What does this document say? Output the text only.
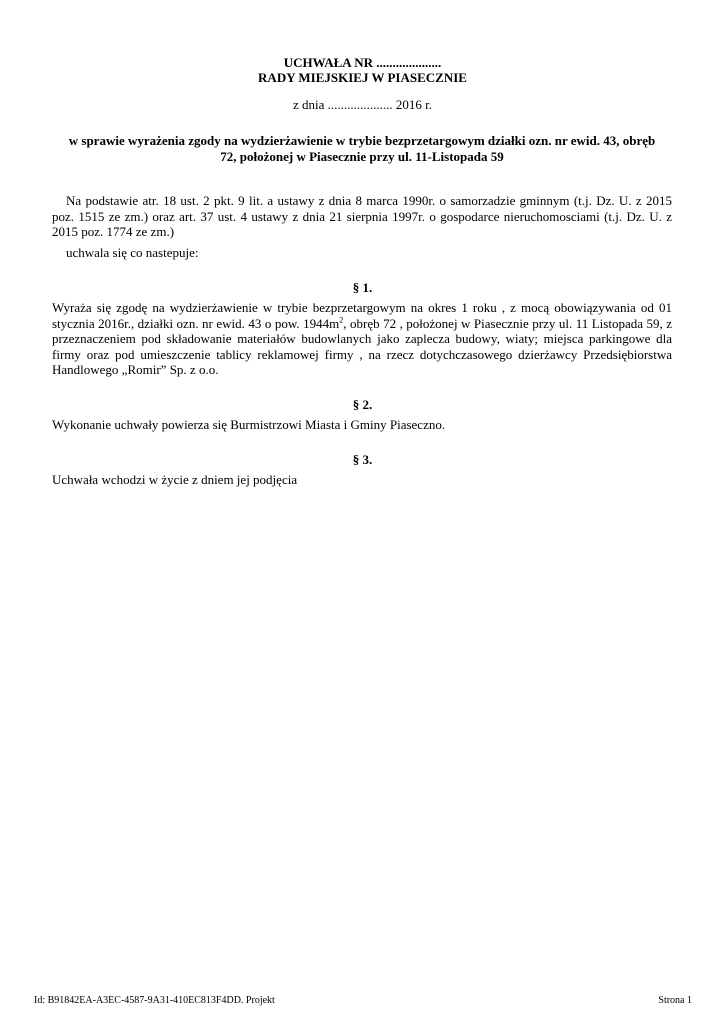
UCHWAŁA NR ....................
RADY MIEJSKIEJ W PIASECZNIE
z dnia .................... 2016 r.
w sprawie wyrażenia zgody na wydzierżawienie w trybie bezprzetargowym działki ozn. nr ewid. 43, obręb
72, położonej w Piasecznie przy ul. 11-Listopada 59
Na podstawie atr. 18 ust. 2 pkt. 9 lit. a ustawy z dnia 8 marca 1990r. o samorzadzie gminnym (t.j. Dz. U. z 2015 poz. 1515 ze zm.) oraz art. 37 ust. 4 ustawy z dnia 21 sierpnia 1997r. o gospodarce nieruchomosciami (t.j. Dz. U. z 2015 poz. 1774 ze zm.)
uchwala się co nastepuje:
§ 1.
Wyraża się zgodę na wydzierżawienie w trybie bezprzetargowym na okres 1 roku , z mocą obowiązywania od 01 stycznia 2016r., działki ozn. nr ewid. 43 o pow. $1944m^2$, obręb 72 , położonej w Piasecznie przy ul. 11 Listopada 59, z przeznaczeniem pod składowanie materiałów budowlanych jako zaplecza budowy, wiaty; miejsca parkingowe dla firmy oraz pod umieszczenie tablicy reklamowej firmy , na rzecz dotychczasowego dzierżawcy Przedsiębiorstwa Handlowego „Romir” Sp. z o.o.
§ 2.
Wykonanie uchwały powierza się Burmistrzowi Miasta i Gminy Piaseczno.
§ 3.
Uchwała wchodzi w życie z dniem jej podjęcia
Id: B91842EA-A3EC-4587-9A31-410EC813F4DD. Projekt	Strona 1
